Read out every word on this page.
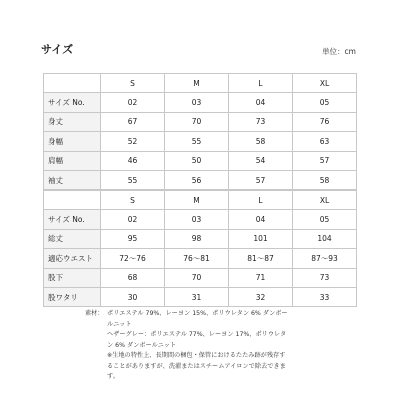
サイズ	単位：cm
	S	M	L	XL
サイズ No.	02	03	04	05
身丈	67	70	73	76
身幅	52	55	58	63
肩幅	46	50	54	57
袖丈	55	56	57	58
	S	M	L	XL
サイズ No.	02	03	04	05
総丈	95	98	101	104
適応ウエスト	72〜76	76〜81	81〜87	87〜93
股下	68	70	71	73
股ワタリ	30	31	32	33
素材： ポリエステル 79%、レーヨン 15%、ポリウレタン 6% ダンボー
ルニット
ヘザーグレー：ポリエステル 77%、レーヨン 17%、ポリウレタ
ン 6% ダンボールニット
※生地の特性上、長期間の梱包・保管におけるたたみ跡が残存す
ることがありますが、洗濯またはスチームアイロンで除去できま
す。
